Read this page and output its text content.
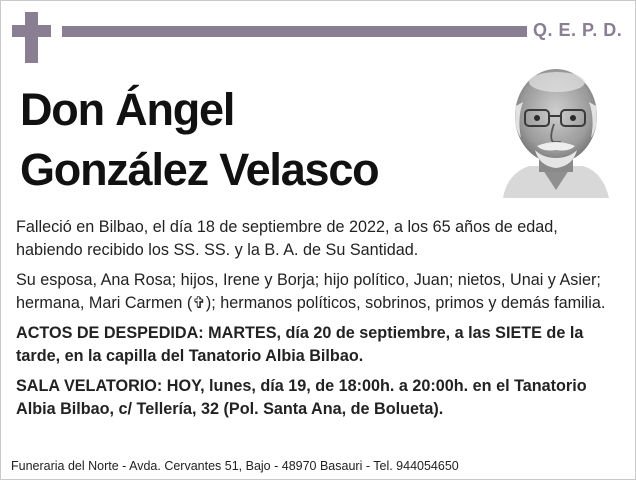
Q. E. P. D.
Don Ángel
González Velasco

Falleció en Bilbao, el día 18 de septiembre de 2022, a los 65 años de edad, habiendo recibido los SS. SS. y la B. A. de Su Santidad.

Su esposa, Ana Rosa; hijos, Irene y Borja; hijo político, Juan; nietos, Unai y Asier; hermana, Mari Carmen (✞); hermanos políticos, sobrinos, primos y demás familia.

ACTOS DE DESPEDIDA: MARTES, día 20 de septiembre, a las SIETE de la tarde, en la capilla del Tanatorio Albia Bilbao.

SALA VELATORIO: HOY, lunes, día 19, de 18:00h. a 20:00h. en el Tanatorio Albia Bilbao, c/ Tellería, 32 (Pol. Santa Ana, de Bolueta).

Funeraria del Norte - Avda. Cervantes 51, Bajo - 48970 Basauri - Tel. 944054650
